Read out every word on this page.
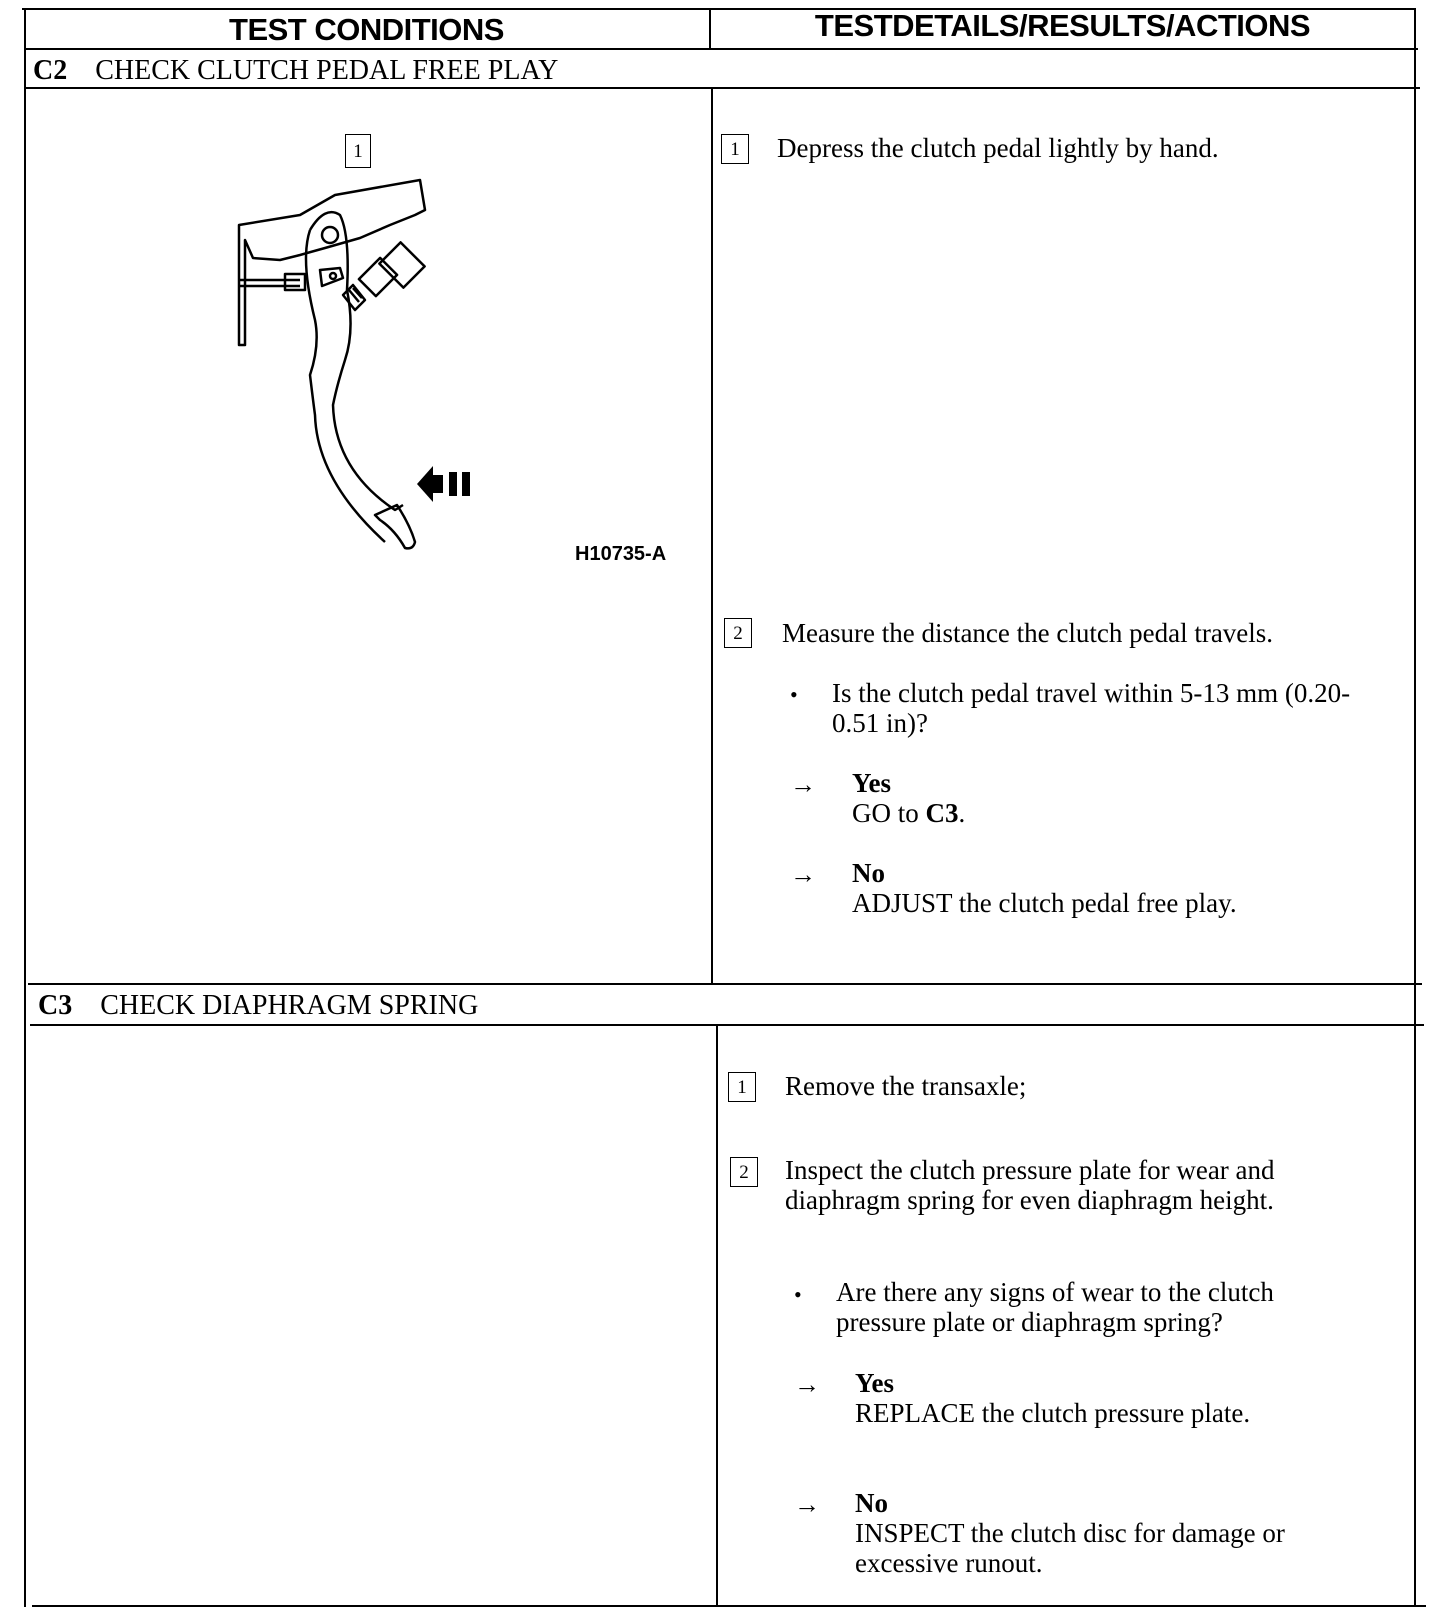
TEST CONDITIONS	TESTDETAILS/RESULTS/ACTIONS
C2 CHECK CLUTCH PEDAL FREE PLAY
1
H10735-A
1	Depress the clutch pedal lightly by hand.
2	Measure the distance the clutch pedal travels.
• Is the clutch pedal travel within 5-13 mm (0.20-0.51 in)?
→ Yes
GO to C3.
→ No
ADJUST the clutch pedal free play.
C3 CHECK DIAPHRAGM SPRING
1	Remove the transaxle;
2	Inspect the clutch pressure plate for wear and diaphragm spring for even diaphragm height.
• Are there any signs of wear to the clutch pressure plate or diaphragm spring?
→ Yes
REPLACE the clutch pressure plate.
→ No
INSPECT the clutch disc for damage or excessive runout.
